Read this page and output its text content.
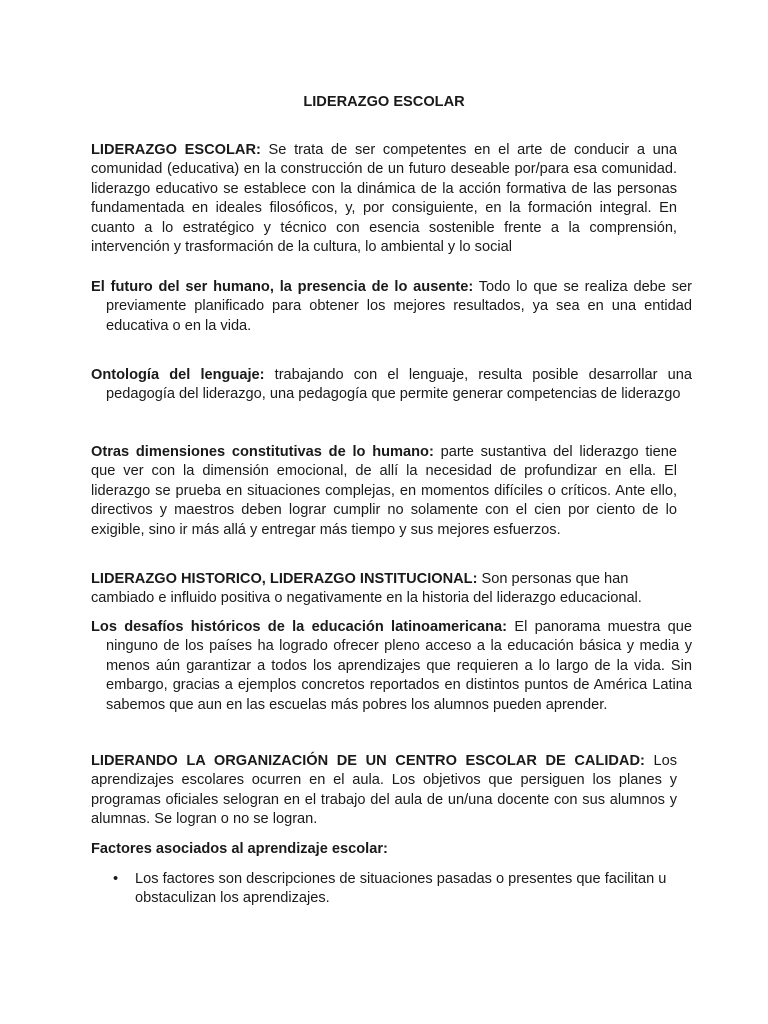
LIDERAZGO ESCOLAR

LIDERAZGO ESCOLAR: Se trata de ser competentes en el arte de conducir a una comunidad (educativa) en la construcción de un futuro deseable por/para esa comunidad. liderazgo educativo se establece con la dinámica de la acción formativa de las personas fundamentada en ideales filosóficos, y, por consiguiente, en la formación integral. En cuanto a lo estratégico y técnico con esencia sostenible frente a la comprensión, intervención y trasformación de la cultura, lo ambiental y lo social

El futuro del ser humano, la presencia de lo ausente: Todo lo que se realiza debe ser previamente planificado para obtener los mejores resultados, ya sea en una entidad educativa o en la vida.

Ontología del lenguaje: trabajando con el lenguaje, resulta posible desarrollar una pedagogía del liderazgo, una pedagogía que permite generar competencias de liderazgo

Otras dimensiones constitutivas de lo humano: parte sustantiva del liderazgo tiene que ver con la dimensión emocional, de allí la necesidad de profundizar en ella. El liderazgo se prueba en situaciones complejas, en momentos difíciles o críticos. Ante ello, directivos y maestros deben lograr cumplir no solamente con el cien por ciento de lo exigible, sino ir más allá y entregar más tiempo y sus mejores esfuerzos.

LIDERAZGO HISTORICO, LIDERAZGO INSTITUCIONAL: Son personas que han cambiado e influido positiva o negativamente en la historia del liderazgo educacional.

Los desafíos históricos de la educación latinoamericana: El panorama muestra que ninguno de los países ha logrado ofrecer pleno acceso a la educación básica y media y menos aún garantizar a todos los aprendizajes que requieren a lo largo de la vida. Sin embargo, gracias a ejemplos concretos reportados en distintos puntos de América Latina sabemos que aun en las escuelas más pobres los alumnos pueden aprender.

LIDERANDO LA ORGANIZACIÓN DE UN CENTRO ESCOLAR DE CALIDAD: Los aprendizajes escolares ocurren en el aula. Los objetivos que persiguen los planes y programas oficiales selogran en el trabajo del aula de un/una docente con sus alumnos y alumnas. Se logran o no se logran.

Factores asociados al aprendizaje escolar:

• Los factores son descripciones de situaciones pasadas o presentes que facilitan u obstaculizan los aprendizajes.
